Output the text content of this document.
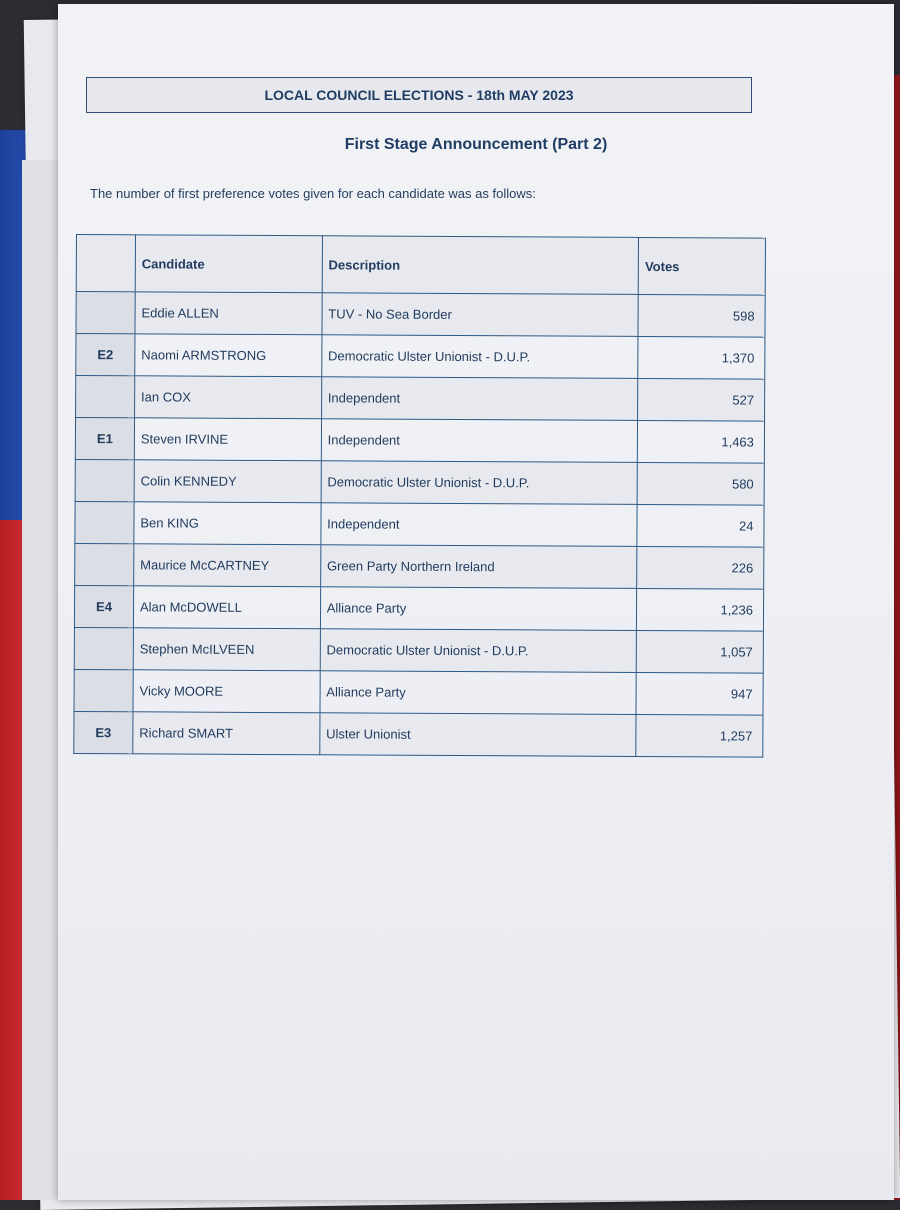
LOCAL COUNCIL ELECTIONS - 18th MAY 2023
First Stage Announcement (Part 2)
The number of first preference votes given for each candidate was as follows:
	Candidate	Description	Votes
	Eddie ALLEN	TUV - No Sea Border	598
E2	Naomi ARMSTRONG	Democratic Ulster Unionist - D.U.P.	1,370
	Ian COX	Independent	527
E1	Steven IRVINE	Independent	1,463
	Colin KENNEDY	Democratic Ulster Unionist - D.U.P.	580
	Ben KING	Independent	24
	Maurice McCARTNEY	Green Party Northern Ireland	226
E4	Alan McDOWELL	Alliance Party	1,236
	Stephen McILVEEN	Democratic Ulster Unionist - D.U.P.	1,057
	Vicky MOORE	Alliance Party	947
E3	Richard SMART	Ulster Unionist	1,257
